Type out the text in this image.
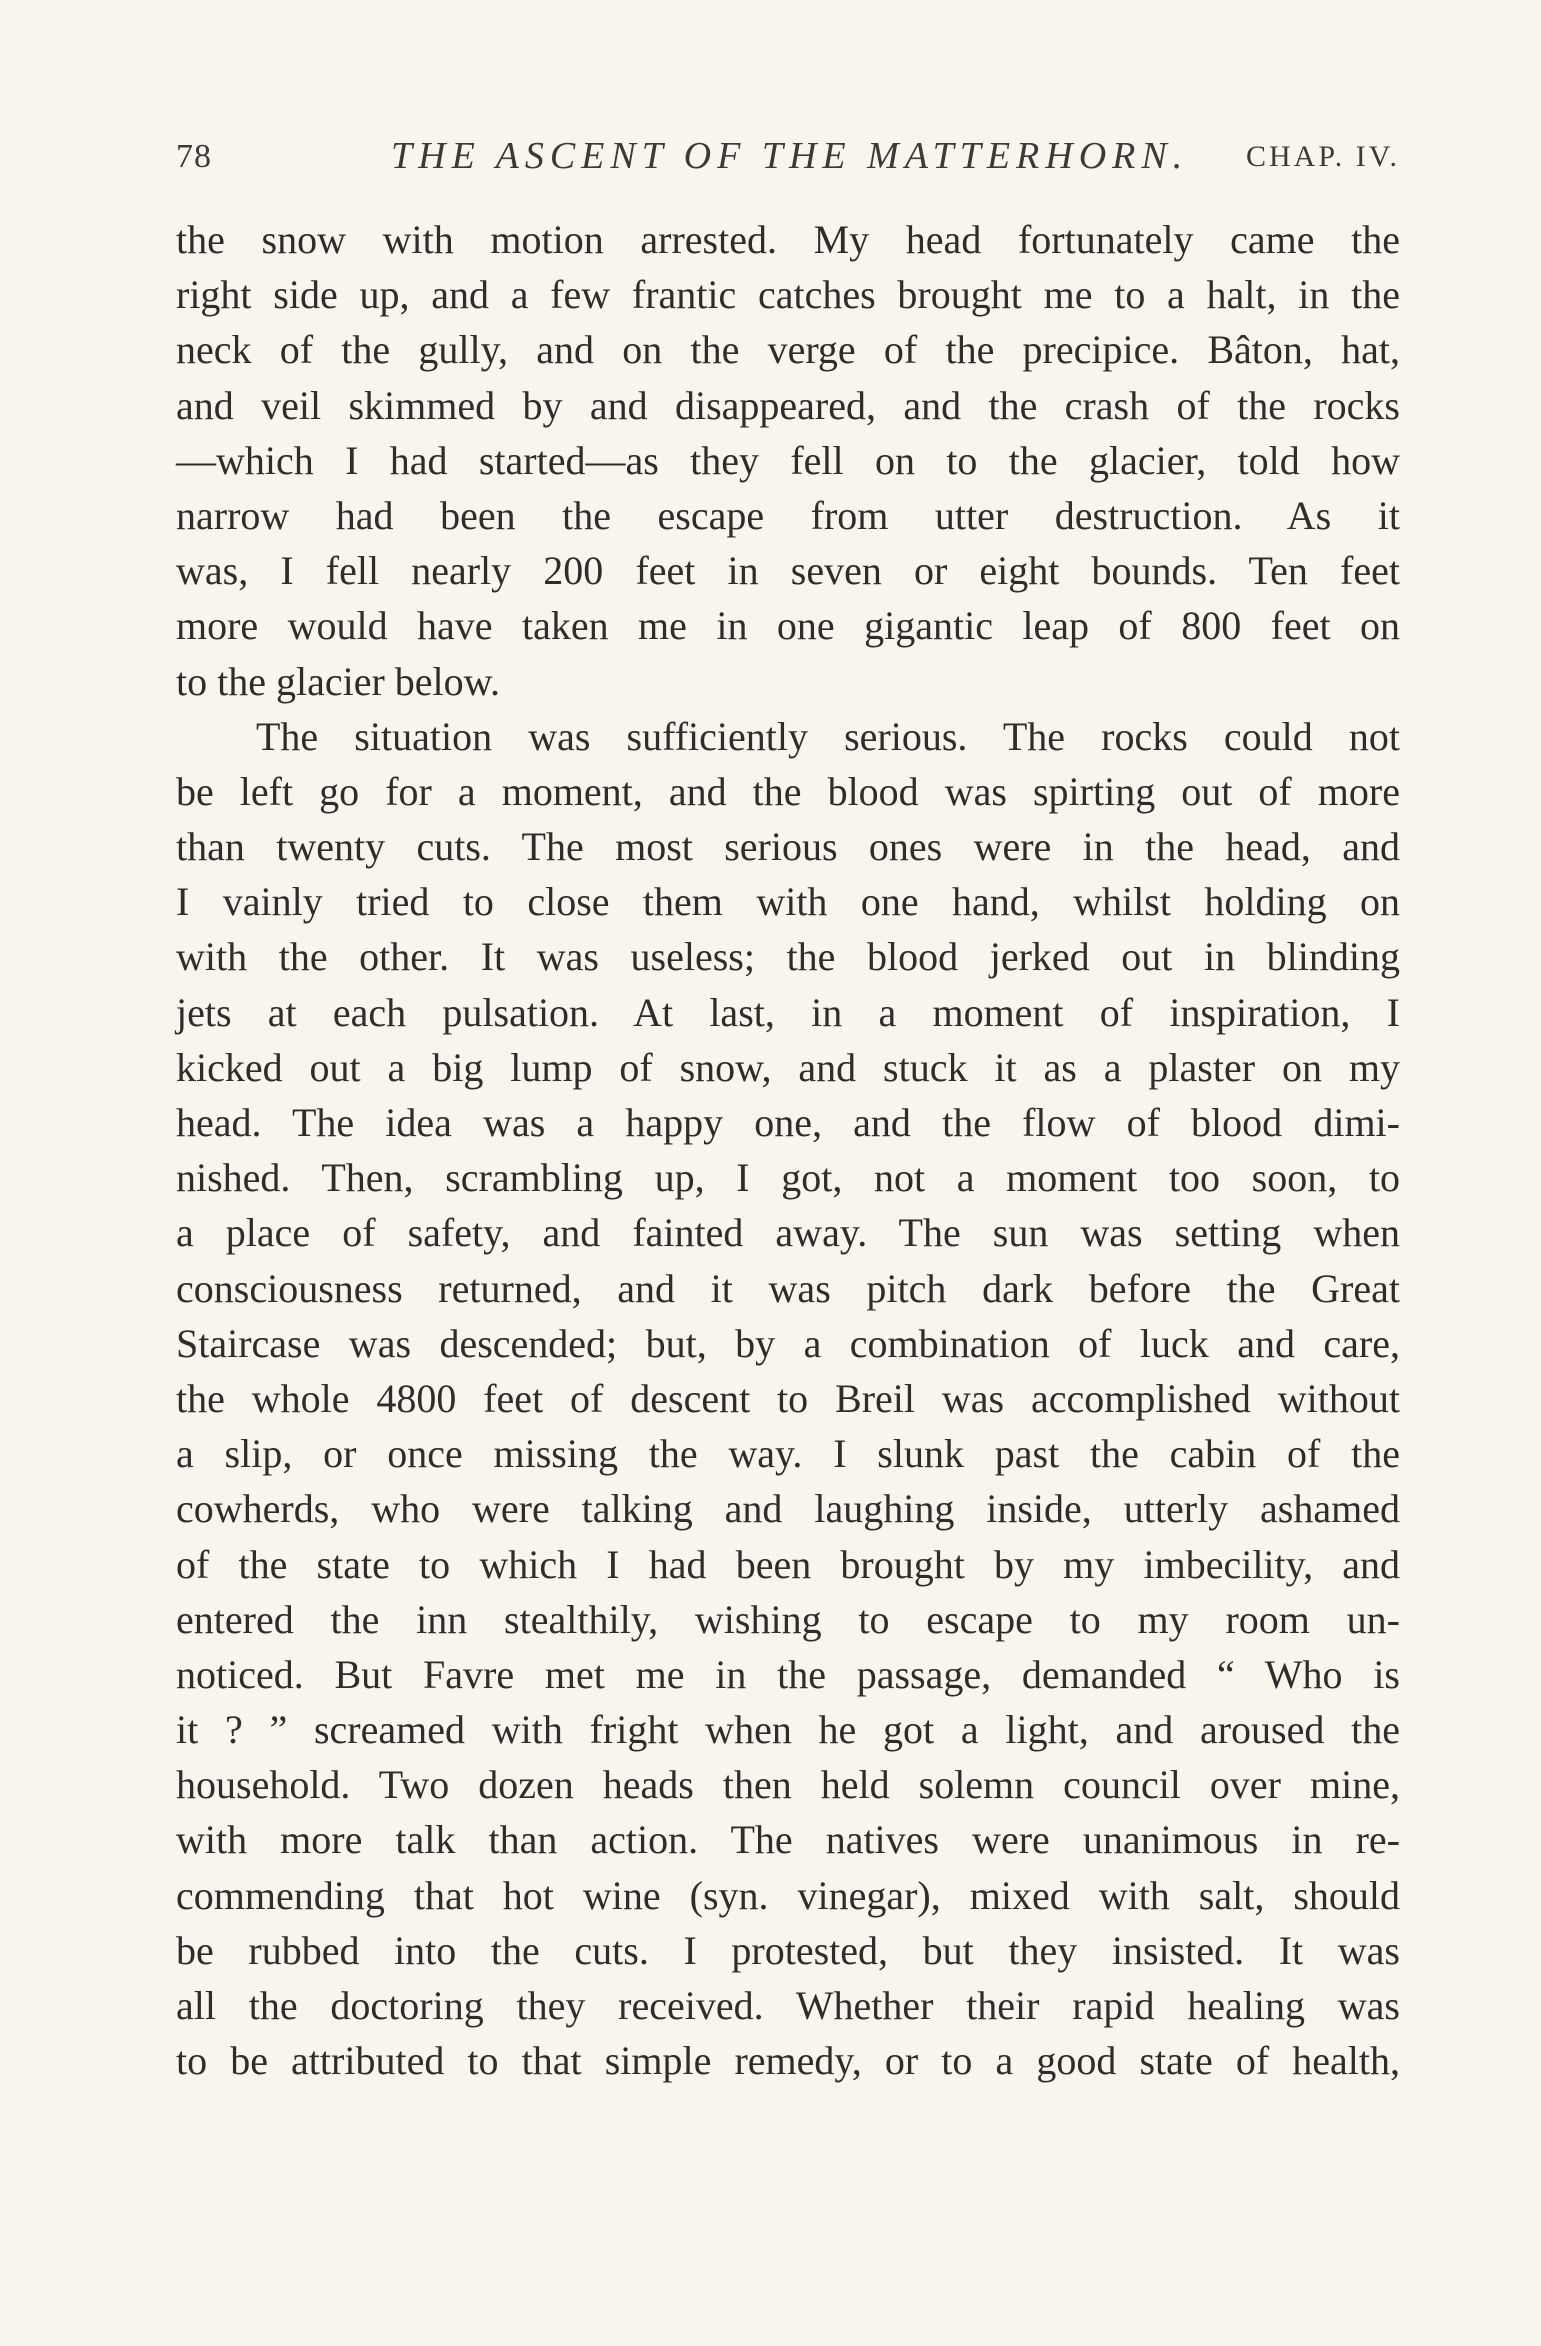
78	THE ASCENT OF THE MATTERHORN. CHAP. IV.
the snow with motion arrested. My head fortunately came the
right side up, and a few frantic catches brought me to a halt, in the
neck of the gully, and on the verge of the precipice. Bâton, hat,
and veil skimmed by and disappeared, and the crash of the rocks
—which I had started—as they fell on to the glacier, told how
narrow had been the escape from utter destruction. As it
was, I fell nearly 200 feet in seven or eight bounds. Ten feet
more would have taken me in one gigantic leap of 800 feet on
to the glacier below.
The situation was sufficiently serious. The rocks could not
be left go for a moment, and the blood was spirting out of more
than twenty cuts. The most serious ones were in the head, and
I vainly tried to close them with one hand, whilst holding on
with the other. It was useless; the blood jerked out in blinding
jets at each pulsation. At last, in a moment of inspiration, I
kicked out a big lump of snow, and stuck it as a plaster on my
head. The idea was a happy one, and the flow of blood dimi-
nished. Then, scrambling up, I got, not a moment too soon, to
a place of safety, and fainted away. The sun was setting when
consciousness returned, and it was pitch dark before the Great
Staircase was descended; but, by a combination of luck and care,
the whole 4800 feet of descent to Breil was accomplished without
a slip, or once missing the way. I slunk past the cabin of the
cowherds, who were talking and laughing inside, utterly ashamed
of the state to which I had been brought by my imbecility, and
entered the inn stealthily, wishing to escape to my room un-
noticed. But Favre met me in the passage, demanded “ Who is
it ? ” screamed with fright when he got a light, and aroused the
household. Two dozen heads then held solemn council over mine,
with more talk than action. The natives were unanimous in re-
commending that hot wine (syn. vinegar), mixed with salt, should
be rubbed into the cuts. I protested, but they insisted. It was
all the doctoring they received. Whether their rapid healing was
to be attributed to that simple remedy, or to a good state of health,
